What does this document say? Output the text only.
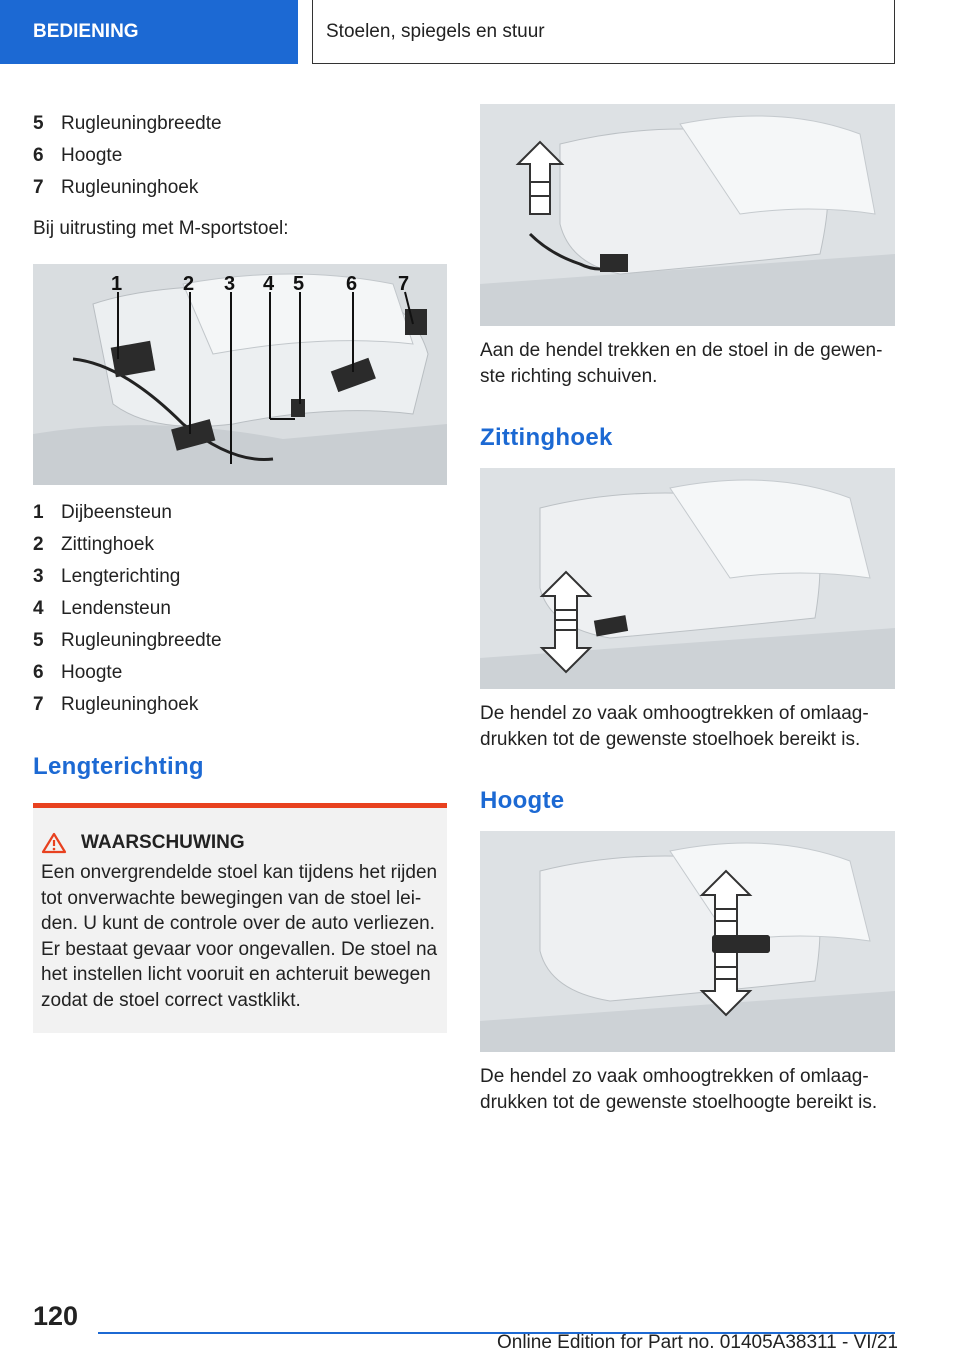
BEDIENING	Stoelen, spiegels en stuur
5 Rugleuningbreedte
6 Hoogte
7 Rugleuninghoek
Bij uitrusting met M-sportstoel:
1	2 3 4 5 6 7
1 Dijbeensteun
2 Zittinghoek
3 Lengterichting
4 Lendensteun
5 Rugleuningbreedte
6 Hoogte
7 Rugleuninghoek
Lengterichting
WAARSCHUWING
Een onvergrendelde stoel kan tijdens het rijden tot onverwachte bewegingen van de stoel lei-den. U kunt de controle over de auto verliezen. Er bestaat gevaar voor ongevallen. De stoel na het instellen licht vooruit en achteruit bewegen zodat de stoel correct vastklikt.
Aan de hendel trekken en de stoel in de gewen-ste richting schuiven.
Zittinghoek
De hendel zo vaak omhoogtrekken of omlaag-drukken tot de gewenste stoelhoek bereikt is.
Hoogte
De hendel zo vaak omhoogtrekken of omlaag-drukken tot de gewenste stoelhoogte bereikt is.
120
Online Edition for Part no. 01405A38311 - VI/21
